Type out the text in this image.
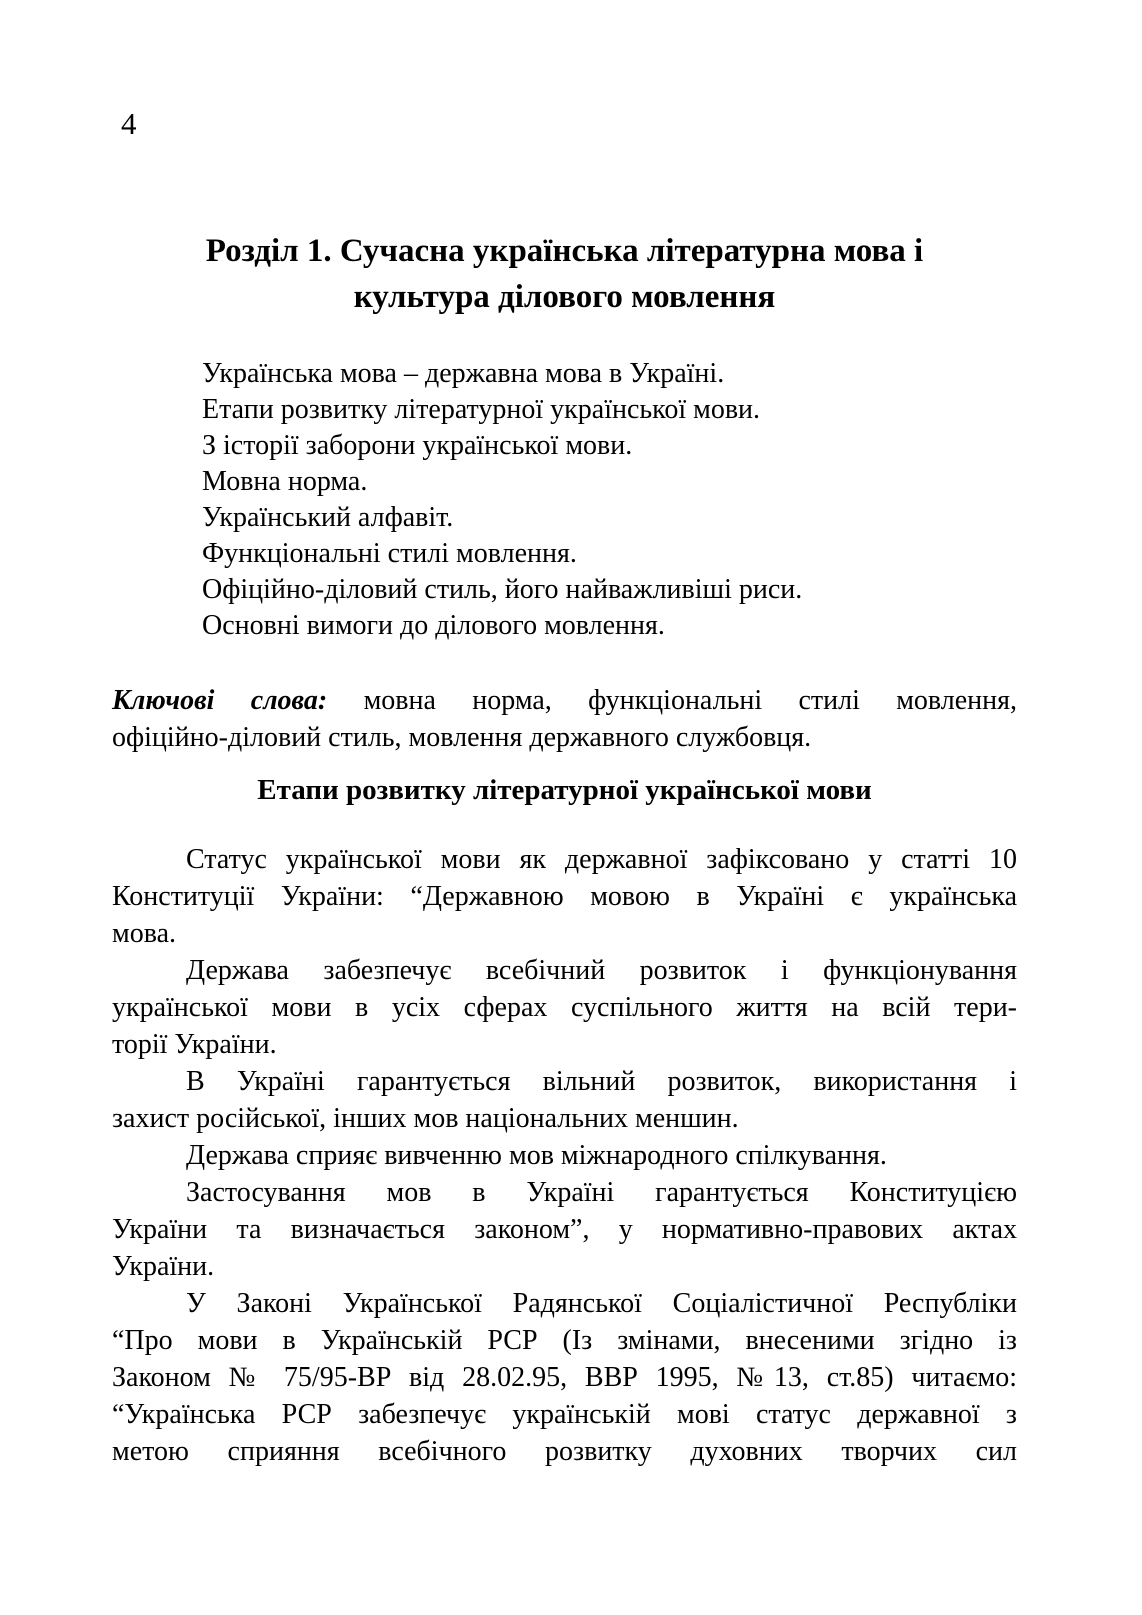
4
Розділ 1. Сучасна українська літературна мова і
культура ділового мовлення
Українська мова – державна мова в Україні.
Етапи розвитку літературної української мови.
З історії заборони української мови.
Мовна норма.
Український алфавіт.
Функціональні стилі мовлення.
Офіційно-діловий стиль, його найважливіші риси.
Основні вимоги до ділового мовлення.
Ключові слова: мовна норма, функціональні стилі мовлення,
офіційно-діловий стиль, мовлення державного службовця.
Етапи розвитку літературної української мови
Статус української мови як державної зафіксовано у статті 10
Конституції України: “Державною мовою в Україні є українська
мова.
Держава забезпечує всебічний розвиток і функціонування
української мови в усіх сферах суспільного життя на всій тери-
торії України.
В Україні гарантується вільний розвиток, використання і
захист російської, інших мов національних меншин.
Держава сприяє вивченню мов міжнародного спілкування.
Застосування мов в Україні гарантується Конституцією
України та визначається законом”, у нормативно-правових актах
України.
У Законі Української Радянської Соціалістичної Республіки
“Про мови в Українській РСР (Із змінами, внесеними згідно із
Законом № 75/95-ВР від 28.02.95, ВВР 1995, №13, ст.85) читаємо:
“Українська РСР забезпечує українській мові статус державної з
метою сприяння всебічного розвитку духовних творчих сил
